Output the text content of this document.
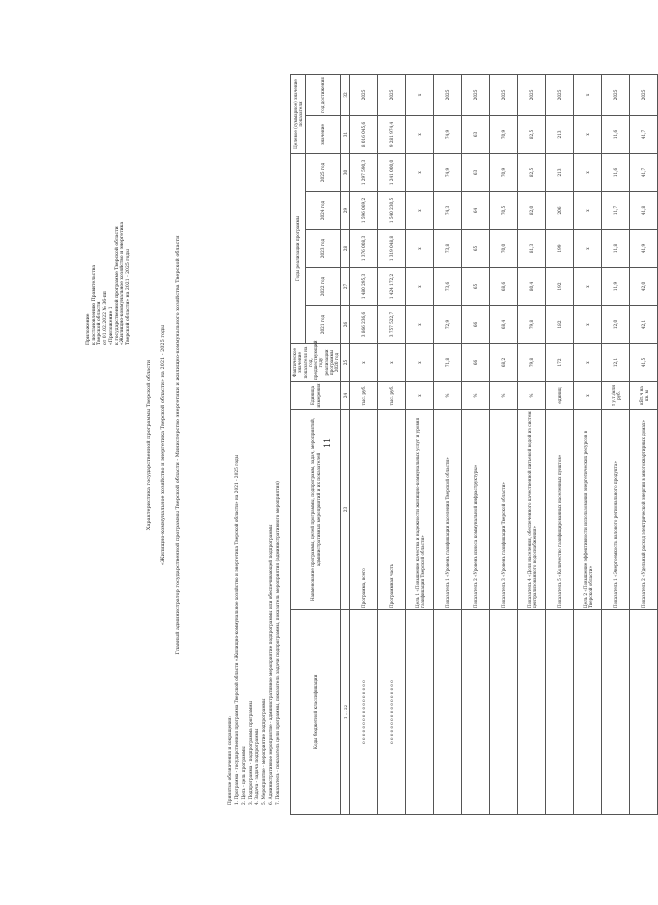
11
Приложение к постановлению Правительства Тверской области от 01.02.2022 № 36-пп «Приложение 1 к государственной программе Тверской области «Жилищно-коммунальное хозяйство и энергетика Тверской области» на 2021 - 2025 годы
Характеристика государственной программы Тверской области «Жилищно-коммунальное хозяйство и энергетика Тверской области» на 2021 - 2025 годы Главный администратор государственной программы Тверской области - Министерство энергетики и жилищно-коммунального хозяйства Тверской области
Принятые обозначения и сокращения: 1. Программа - государственная программа Тверской области «Жилищно-коммунальное хозяйство и энергетика Тверской области» на 2021 - 2025 годы 2. Цель - цель программы 3. Подпрограмма - подпрограмма программы 4. Задача - задача подпрограммы 5. Мероприятие - мероприятие подпрограммы 6. Административное мероприятие - административное мероприятие подпрограммы или обеспечивающей подпрограммы 7. Показатель - показатель цели программы, показатель задачи подпрограммы, показатель мероприятия (административного мероприятия)	Коды бюджетной классификации	Наименование программы, целей программы, подпрограмм, задач, мероприятий, административных мероприятий и их показателей	Единица измерения	Фактическое значение показателя на год, предшествующий году реализации программы 2020 год	Годы реализации программы					Целевое (суммарное) значение показателя	
				2021 год	2022 год	2023 год	2024 год	2025 год	значение	год достижения
1 … 22	23	24	25	26	27	28	29	30	31	32
0 0 0 0 0 0 0 0 0 0 0 0 0 0 0 0 0	Программа, всего	тыс. руб.	х	3 866 236,6	1 480 295,3	1 376 008,3	1 596 069,2	1 297 590,3	8 016 045,6	2025
0 0 0 0 0 0 0 0 0 0 0 0 0 0 0 0 0	Программная часть	тыс. руб.	х	3 757 522,7	1 424 172,2	1 319 048,8	1 540 230,5	1 241 000,0	9 281 974,4	2025
	Цель 1 «Повышение качества и надежности жилищно-коммунальных услуг и уровня газификации Тверской области»	х	х	х	х	х	х	х	х	х
	Показатель 1 «Уровень газификации населения Тверской области»	%	71,8	72,9	73,6	73,8	74,3	74,9	74,9	2025
	Показатель 2 «Уровень износа коммунальной инфраструктуры»	%	66	66	65	65	64	63	63	2025
	Показатель 3 «Уровень газификации Тверской области»	%	68,2	68,4	68,6	70,0	70,5	70,9	70,9	2025
	Показатель 4 «Доля населения, обеспеченного качественной питьевой водой из систем централизованного водоснабжения»	%	79,8	79,8	80,4	81,3	82,0	82,5	82,5	2025
	Показатель 5 «Количество газифицированных населенных пунктов»	единиц	172	182	192	199	206	213	213	2025
	Цель 2 «Повышение эффективности использования энергетических ресурсов в Тверской области»	х	х	х	х	х	х	х	х	х
	Показатель 1 «Энергоемкость валового регионального продукта»	т у.т./млн руб.	12,1	12,0	11,9	11,8	11,7	11,6	11,6	2025
	Показатель 2 «Удельный расход электрической энергии в многоквартирных домах»	кВт.ч на кв. м	41,5	42,1	42,0	41,9	41,8	41,7	41,7	2025
